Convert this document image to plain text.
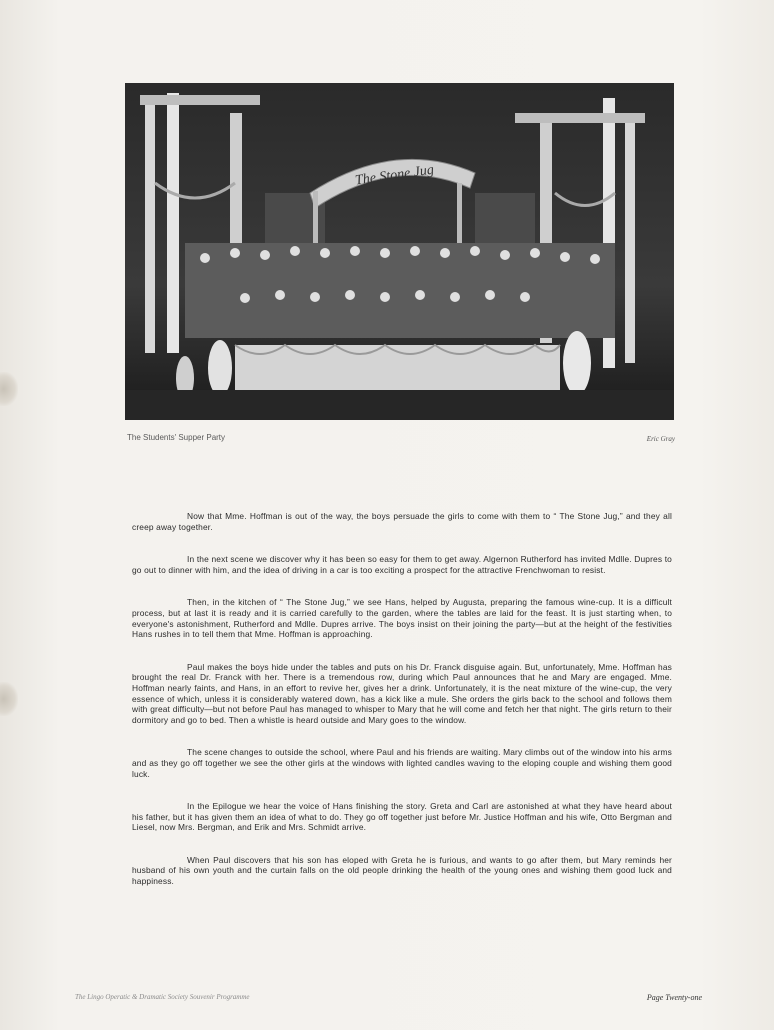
The Stone Jug
The Students' Supper Party	Eric Gray

Now that Mme. Hoffman is out of the way, the boys persuade the girls to come with them to “ The Stone Jug,” and they all creep away together.

In the next scene we discover why it has been so easy for them to get away. Algernon Rutherford has invited Mdlle. Dupres to go out to dinner with him, and the idea of driving in a car is too exciting a prospect for the attractive Frenchwoman to resist.

Then, in the kitchen of “ The Stone Jug,” we see Hans, helped by Augusta, preparing the famous wine-cup. It is a difficult process, but at last it is ready and it is carried carefully to the garden, where the tables are laid for the feast. It is just starting when, to everyone's astonishment, Rutherford and Mdlle. Dupres arrive. The boys insist on their joining the party—but at the height of the festivities Hans rushes in to tell them that Mme. Hoffman is approaching.

Paul makes the boys hide under the tables and puts on his Dr. Franck disguise again. But, unfortunately, Mme. Hoffman has brought the real Dr. Franck with her. There is a tremendous row, during which Paul announces that he and Mary are engaged. Mme. Hoffman nearly faints, and Hans, in an effort to revive her, gives her a drink. Unfortunately, it is the neat mixture of the wine-cup, the very essence of which, unless it is considerably watered down, has a kick like a mule. She orders the girls back to the school and follows them with great difficulty—but not before Paul has managed to whisper to Mary that he will come and fetch her that night. The girls return to their dormitory and go to bed. Then a whistle is heard outside and Mary goes to the window.

The scene changes to outside the school, where Paul and his friends are waiting. Mary climbs out of the window into his arms and as they go off together we see the other girls at the windows with lighted candles waving to the eloping couple and wishing them good luck.

In the Epilogue we hear the voice of Hans finishing the story. Greta and Carl are astonished at what they have heard about his father, but it has given them an idea of what to do. They go off together just before Mr. Justice Hoffman and his wife, Otto Bergman and Liesel, now Mrs. Bergman, and Erik and Mrs. Schmidt arrive.

When Paul discovers that his son has eloped with Greta he is furious, and wants to go after them, but Mary reminds her husband of his own youth and the curtain falls on the old people drinking the health of the young ones and wishing them good luck and happiness.

The Lingo Operatic & Dramatic Society Souvenir Programme	Page Twenty-one
